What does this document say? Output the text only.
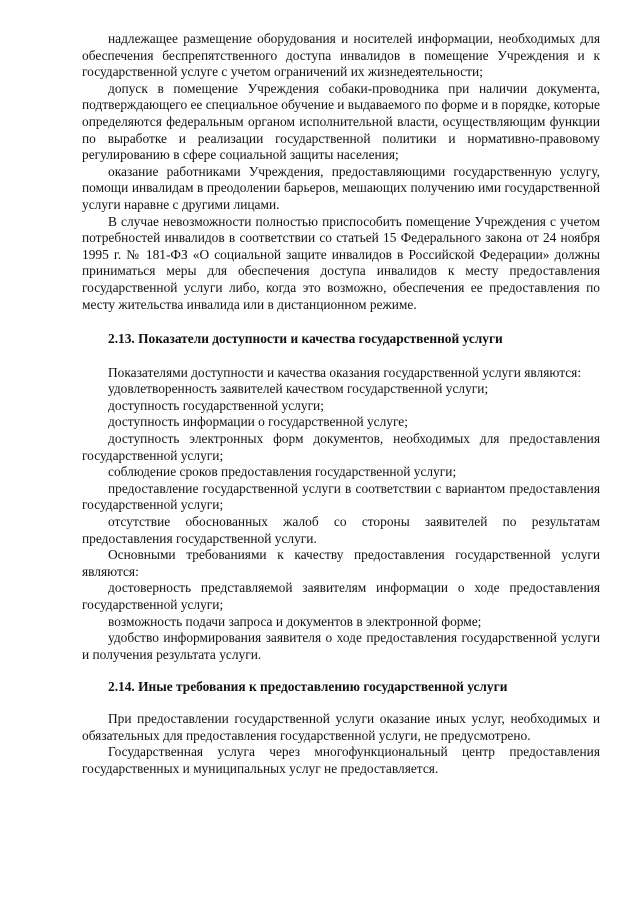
надлежащее размещение оборудования и носителей информации, необходимых для обеспечения беспрепятственного доступа инвалидов в помещение Учреждения и к государственной услуге с учетом ограничений их жизнедеятельности;

допуск в помещение Учреждения собаки-проводника при наличии документа, подтверждающего ее специальное обучение и выдаваемого по форме и в порядке, которые определяются федеральным органом исполнительной власти, осуществляющим функции по выработке и реализации государственной политики и нормативно-правовому регулированию в сфере социальной защиты населения;

оказание работниками Учреждения, предоставляющими государственную услугу, помощи инвалидам в преодолении барьеров, мешающих получению ими государственной услуги наравне с другими лицами.

В случае невозможности полностью приспособить помещение Учреждения с учетом потребностей инвалидов в соответствии со статьей 15 Федерального закона от 24 ноября 1995 г. № 181-ФЗ «О социальной защите инвалидов в Российской Федерации» должны приниматься меры для обеспечения доступа инвалидов к месту предоставления государственной услуги либо, когда это возможно, обеспечения ее предоставления по месту жительства инвалида или в дистанционном режиме.

2.13. Показатели доступности и качества государственной услуги

Показателями доступности и качества оказания государственной услуги являются:

удовлетворенность заявителей качеством государственной услуги;

доступность государственной услуги;

доступность информации о государственной услуге;

доступность электронных форм документов, необходимых для предоставления государственной услуги;

соблюдение сроков предоставления государственной услуги;

предоставление государственной услуги в соответствии с вариантом предоставления государственной услуги;

отсутствие обоснованных жалоб со стороны заявителей по результатам предоставления государственной услуги.

Основными требованиями к качеству предоставления государственной услуги являются:

достоверность представляемой заявителям информации о ходе предоставления государственной услуги;

возможность подачи запроса и документов в электронной форме;

удобство информирования заявителя о ходе предоставления государственной услуги и получения результата услуги.

2.14. Иные требования к предоставлению государственной услуги

При предоставлении государственной услуги оказание иных услуг, необходимых и обязательных для предоставления государственной услуги, не предусмотрено.

Государственная услуга через многофункциональный центр предоставления государственных и муниципальных услуг не предоставляется.
